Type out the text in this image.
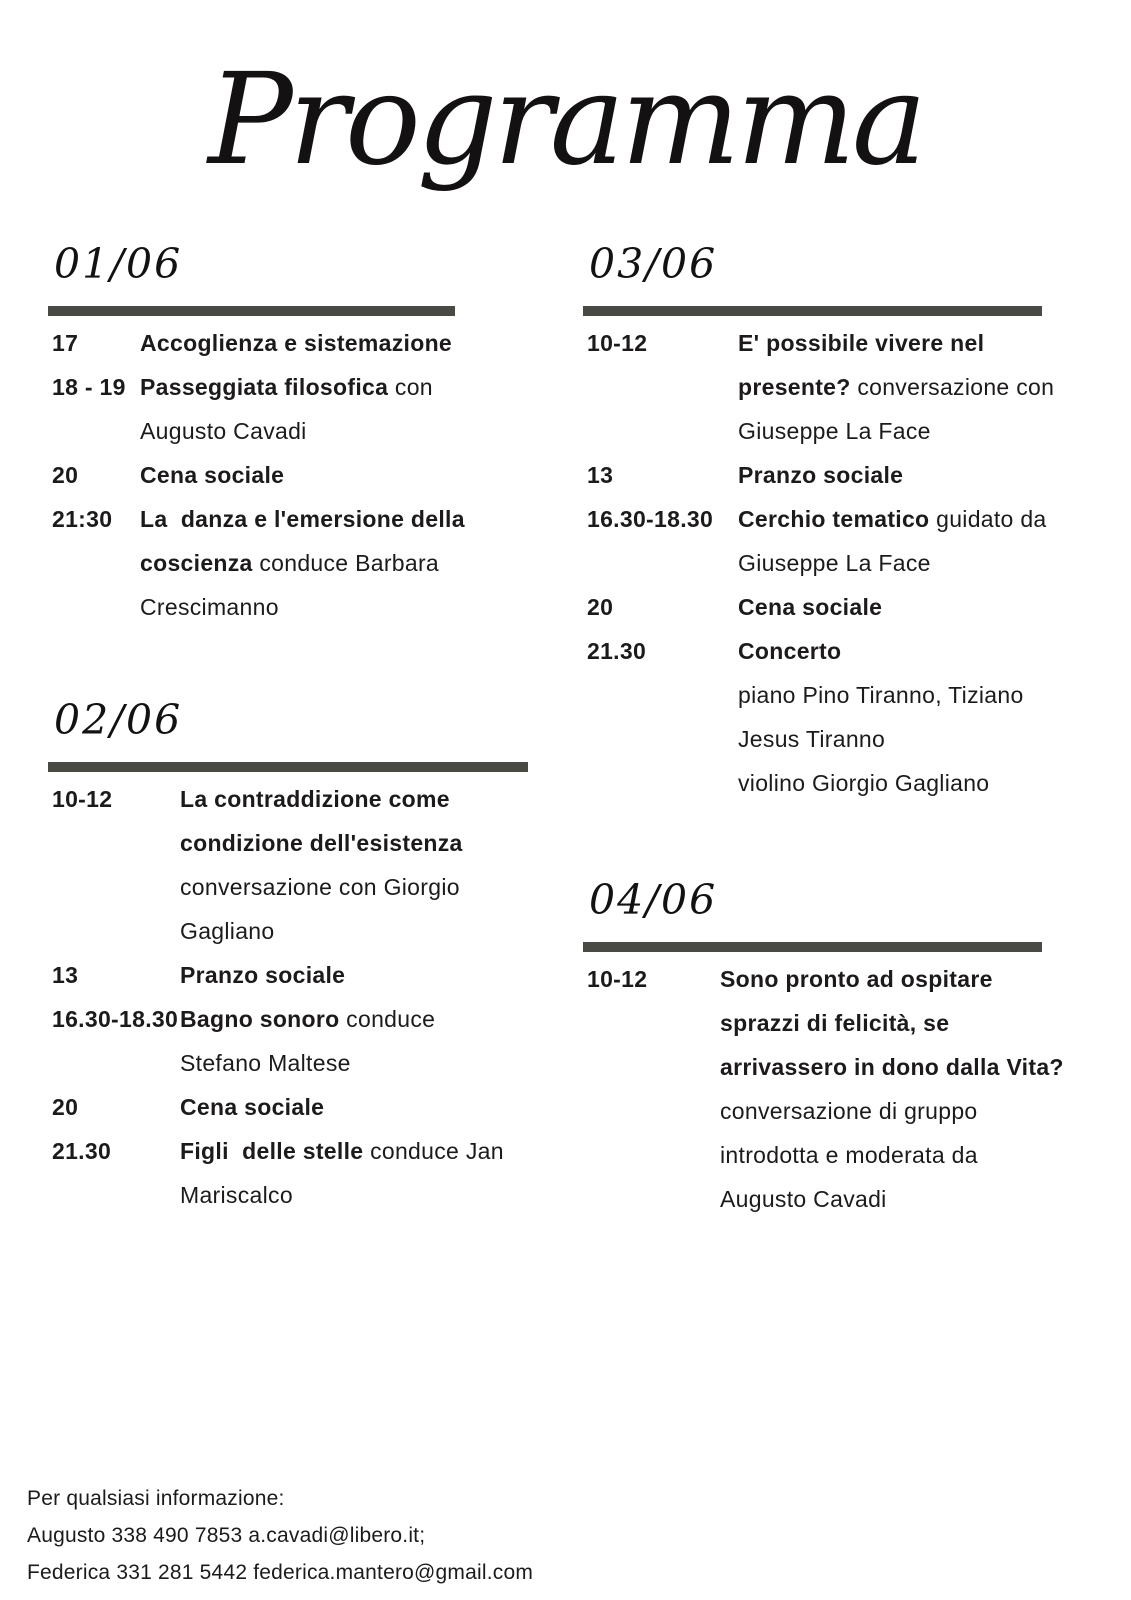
Programma
01/06
17	Accoglienza e sistemazione
18 - 19 Passeggiata filosofica con
Augusto Cavadi
20	Cena sociale
21:30	La  danza e l'emersione della
coscienza conduce Barbara
Crescimanno
02/06
10-12	La contraddizione come
condizione dell'esistenza
conversazione con Giorgio
Gagliano
13	Pranzo sociale
16.30-18.30 Bagno sonoro conduce
Stefano Maltese
20	Cena sociale
21.30	Figli  delle stelle conduce Jan
Mariscalco
03/06
10-12	E' possibile vivere nel
presente? conversazione con
Giuseppe La Face
13	Pranzo sociale
16.30-18.30	Cerchio tematico guidato da
Giuseppe La Face
20	Cena sociale
21.30	Concerto
piano Pino Tiranno, Tiziano
Jesus Tiranno
violino Giorgio Gagliano
04/06
10-12	Sono pronto ad ospitare
sprazzi di felicità, se
arrivassero in dono dalla Vita?
conversazione di gruppo
introdotta e moderata da
Augusto Cavadi
Per qualsiasi informazione:
Augusto 338 490 7853 a.cavadi@libero.it;
Federica 331 281 5442 federica.mantero@gmail.com
